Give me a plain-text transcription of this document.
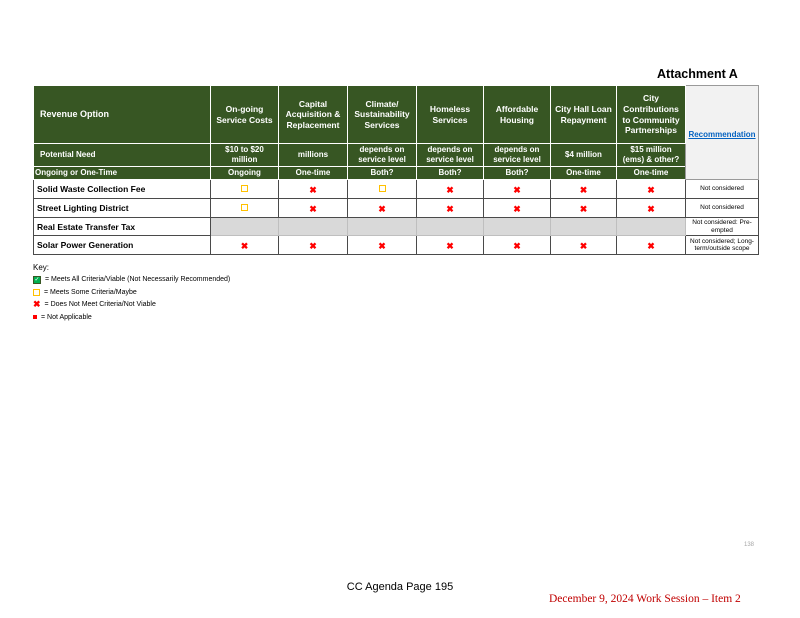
Attachment A
Revenue Option	On-going Service Costs	Capital Acquisition & Replacement	Climate/ Sustainability Services	Homeless Services	Affordable Housing	City Hall Loan Repayment	City Contributions to Community Partnerships	Recommendation
Potential Need	$10 to $20 million	millions	depends on service level	depends on service level	depends on service level	$4 million	$15 million (ems) & other?	
Ongoing or One-Time	Ongoing	One-time	Both?	Both?	Both?	One-time	One-time	
Solid Waste Collection Fee		✖		✖	✖	✖	✖	Not considered
Street Lighting District		✖	✖	✖	✖	✖	✖	Not considered
Real Estate Transfer Tax								Not considered: Pre-empted
Solar Power Generation	✖	✖	✖	✖	✖	✖	✖	Not considered; Long-term/outside scope
Key:
✓ = Meets All Criteria/Viable (Not Necessarily Recommended)
= Meets Some Criteria/Maybe
✖ = Does Not Meet Criteria/Not Viable
= Not Applicable
138
CC Agenda Page 195
December 9, 2024 Work Session – Item 2
